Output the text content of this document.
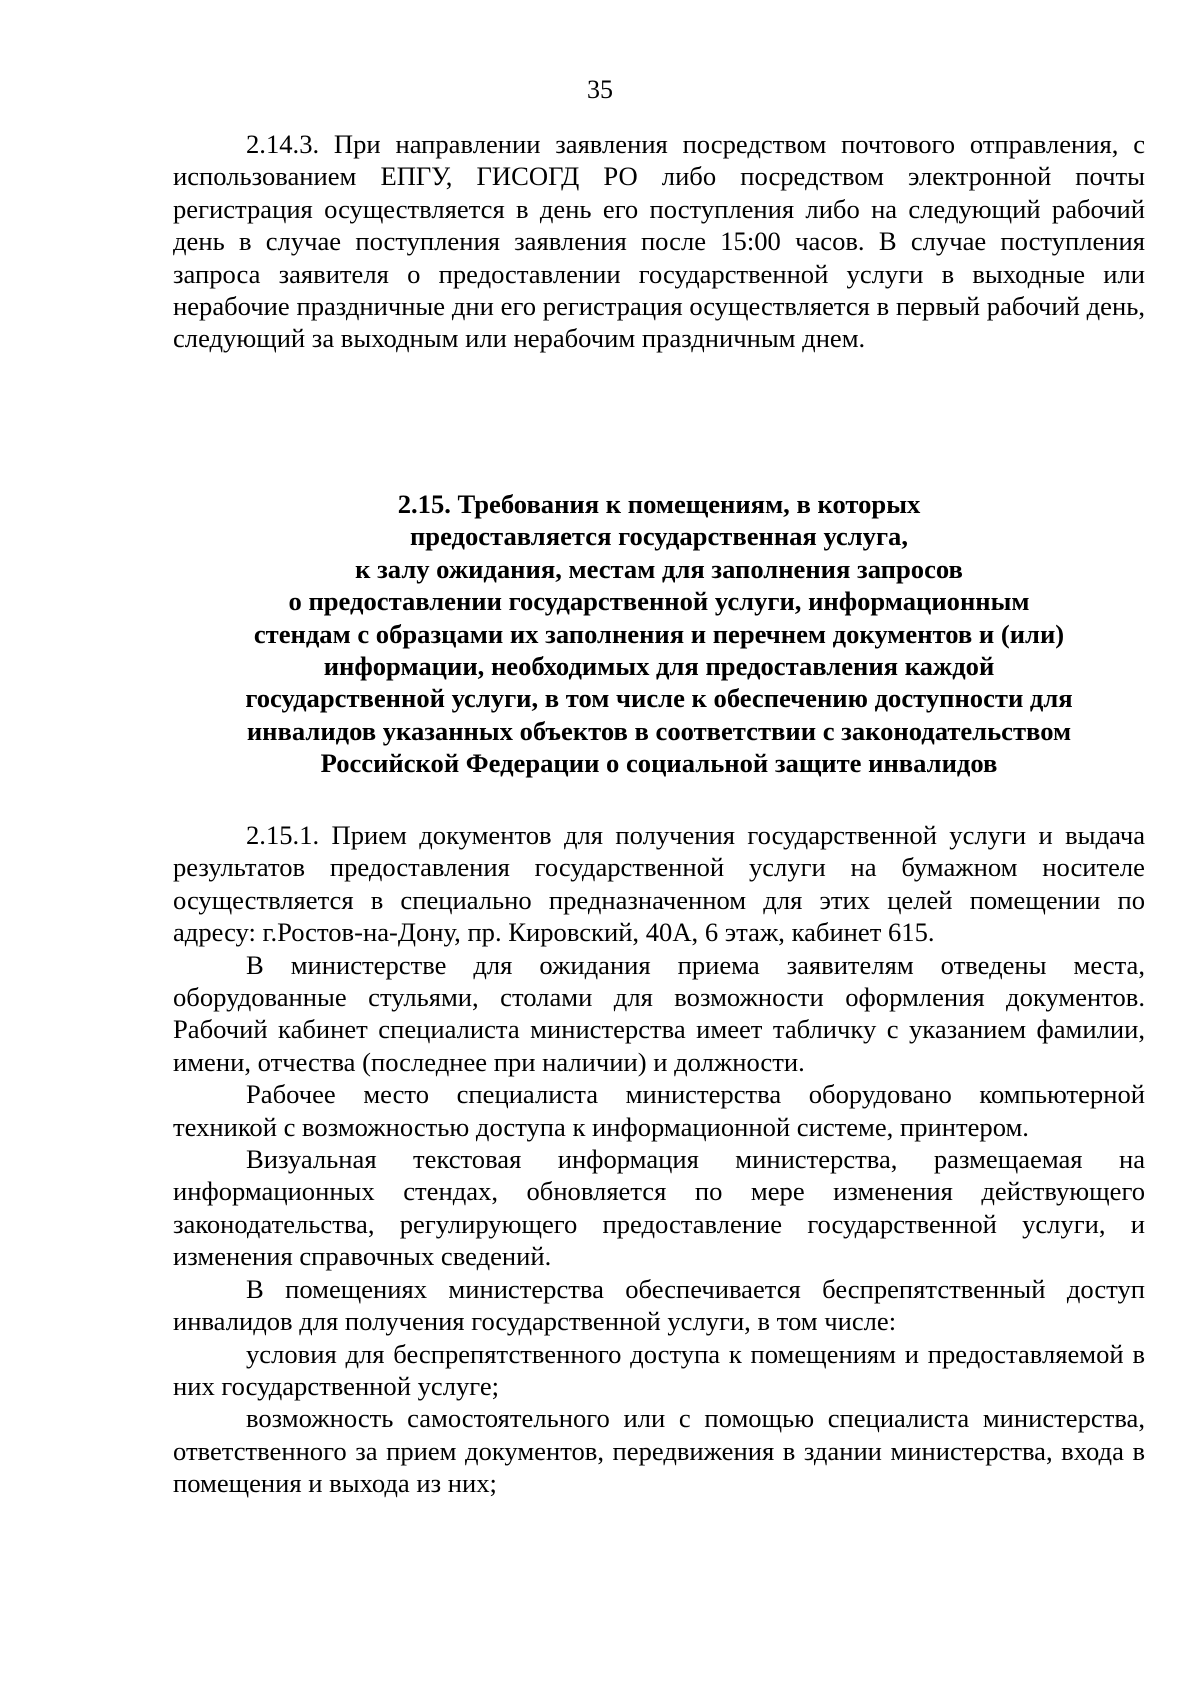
35

2.14.3. При направлении заявления посредством почтового отправления, с использованием ЕПГУ, ГИСОГД РО либо посредством электронной почты регистрация осуществляется в день его поступления либо на следующий рабочий день в случае поступления заявления после 15:00 часов. В случае поступления запроса заявителя о предоставлении государственной услуги в выходные или нерабочие праздничные дни его регистрация осуществляется в первый рабочий день, следующий за выходным или нерабочим праздничным днем.

2.15. Требования к помещениям, в которых
предоставляется государственная услуга,
к залу ожидания, местам для заполнения запросов
о предоставлении государственной услуги, информационным
стендам с образцами их заполнения и перечнем документов и (или)
информации, необходимых для предоставления каждой
государственной услуги, в том числе к обеспечению доступности для
инвалидов указанных объектов в соответствии с законодательством
Российской Федерации о социальной защите инвалидов

2.15.1. Прием документов для получения государственной услуги и выдача результатов предоставления государственной услуги на бумажном носителе осуществляется в специально предназначенном для этих целей помещении по адресу: г.Ростов-на-Дону, пр. Кировский, 40А, 6 этаж, кабинет 615.

В министерстве для ожидания приема заявителям отведены места, оборудованные стульями, столами для возможности оформления документов. Рабочий кабинет специалиста министерства имеет табличку с указанием фамилии, имени, отчества (последнее при наличии) и должности.

Рабочее место специалиста министерства оборудовано компьютерной техникой с возможностью доступа к информационной системе, принтером.

Визуальная текстовая информация министерства, размещаемая на информационных стендах, обновляется по мере изменения действующего законодательства, регулирующего предоставление государственной услуги, и изменения справочных сведений.

В помещениях министерства обеспечивается беспрепятственный доступ инвалидов для получения государственной услуги, в том числе:

условия для беспрепятственного доступа к помещениям и предоставляемой в них государственной услуге;

возможность самостоятельного или с помощью специалиста министерства, ответственного за прием документов, передвижения в здании министерства, входа в помещения и выхода из них;
